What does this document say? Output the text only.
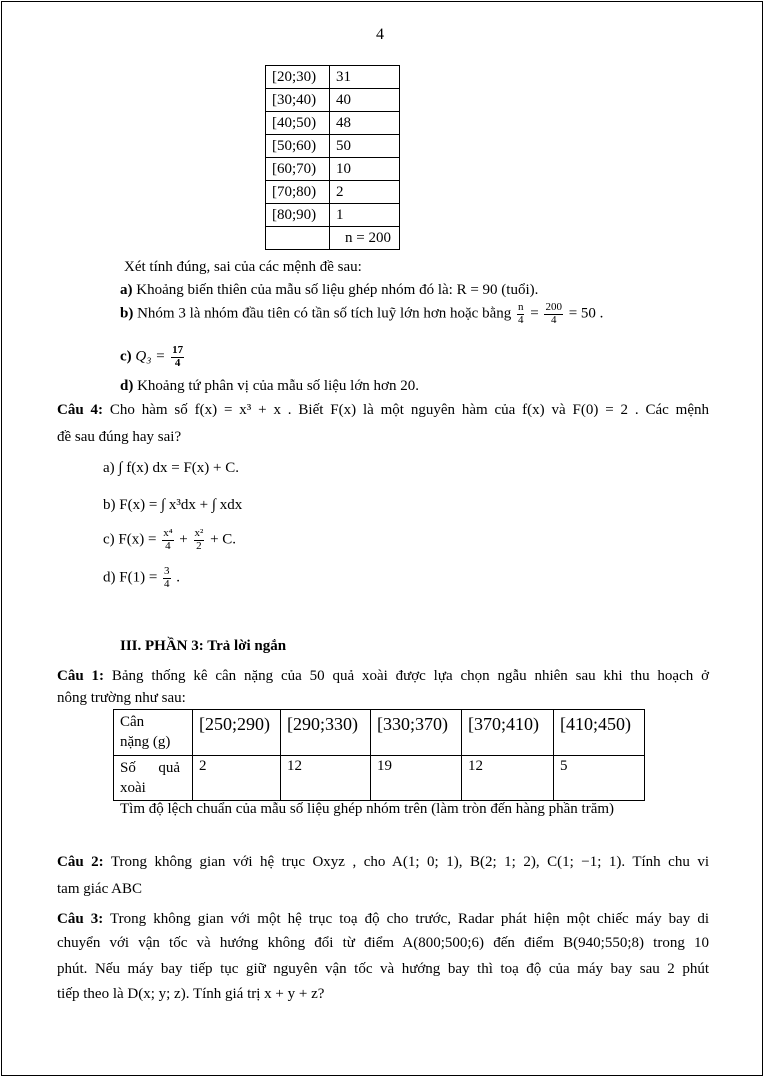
4
[20;30)	31
[30;40)	40
[40;50)	48
[50;60)	50
[60;70)	10
[70;80)	2
[80;90)	1
	n = 200
Xét tính đúng, sai của các mệnh đề sau:
a) Khoảng biến thiên của mẫu số liệu ghép nhóm đó là: R = 90 (tuổi).
b) Nhóm 3 là nhóm đầu tiên có tần số tích luỹ lớn hơn hoặc bằng $\frac{n}{4} = \frac{200}{4} = 50$ .
c) $Q_3 = \frac{17}{4}$
d) Khoảng tứ phân vị của mẫu số liệu lớn hơn 20.
Câu 4: Cho hàm số f(x) = x³ + x . Biết F(x) là một nguyên hàm của f(x) và F(0) = 2 . Các mệnh
đề sau đúng hay sai?
a) ∫ f(x) dx = F(x) + C.
b) F(x) = ∫ x³dx + ∫ xdx
c) $F(x) = \frac{\text{x⁴}}{4} + \frac{\text{x²}}{2} + C$.
d) $F(1) = \frac{3}{4}$ .
III. PHẦN 3: Trả lời ngắn
Câu 1: Bảng thống kê cân nặng của 50 quả xoài được lựa chọn ngẫu nhiên sau khi thu hoạch ở
nông trường như sau:
Cân
nặng (g)	[250;290)	[290;330)	[330;370)	[370;410)	[410;450)
Số      quả
xoài	2	12	19	12	5
Tìm độ lệch chuẩn của mẫu số liệu ghép nhóm trên (làm tròn đến hàng phần trăm)
Câu 2: Trong không gian với hệ trục Oxyz , cho A(1; 0; 1), B(2; 1; 2), C(1; −1; 1). Tính chu vi
tam giác ABC
Câu 3: Trong không gian với một hệ trục toạ độ cho trước, Radar phát hiện một chiếc máy bay di
chuyển với vận tốc và hướng không đổi từ điểm A(800;500;6) đến điểm B(940;550;8) trong 10
phút. Nếu máy bay tiếp tục giữ nguyên vận tốc và hướng bay thì toạ độ của máy bay sau 2 phút
tiếp theo là D(x; y; z). Tính giá trị x + y + z?
